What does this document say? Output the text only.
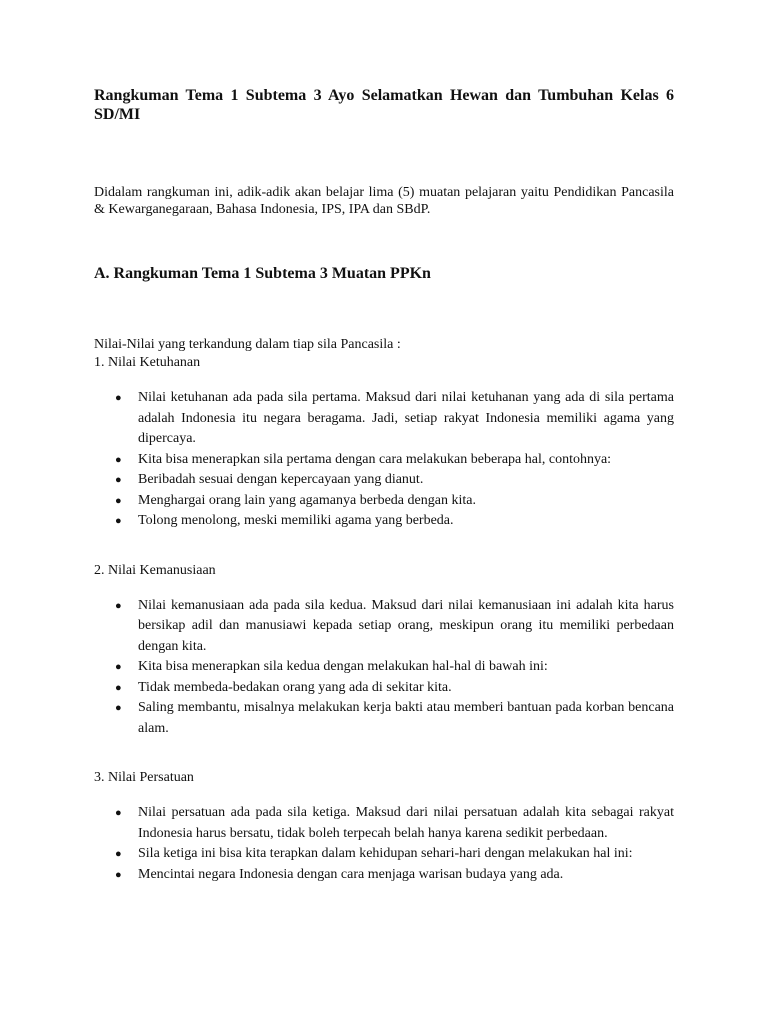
Rangkuman Tema 1 Subtema 3 Ayo Selamatkan Hewan dan Tumbuhan Kelas 6 SD/MI

Didalam rangkuman ini, adik-adik akan belajar lima (5) muatan pelajaran yaitu Pendidikan Pancasila & Kewarganegaraan, Bahasa Indonesia, IPS, IPA dan SBdP.

A. Rangkuman Tema 1 Subtema 3 Muatan PPKn

Nilai-Nilai yang terkandung dalam tiap sila Pancasila :

1. Nilai Ketuhanan

● Nilai ketuhanan ada pada sila pertama. Maksud dari nilai ketuhanan yang ada di sila pertama adalah Indonesia itu negara beragama. Jadi, setiap rakyat Indonesia memiliki agama yang dipercaya.
● Kita bisa menerapkan sila pertama dengan cara melakukan beberapa hal, contohnya:
● Beribadah sesuai dengan kepercayaan yang dianut.
● Menghargai orang lain yang agamanya berbeda dengan kita.
● Tolong menolong, meski memiliki agama yang berbeda.

2. Nilai Kemanusiaan

● Nilai kemanusiaan ada pada sila kedua. Maksud dari nilai kemanusiaan ini adalah kita harus bersikap adil dan manusiawi kepada setiap orang, meskipun orang itu memiliki perbedaan dengan kita.
● Kita bisa menerapkan sila kedua dengan melakukan hal-hal di bawah ini:
● Tidak membeda-bedakan orang yang ada di sekitar kita.
● Saling membantu, misalnya melakukan kerja bakti atau memberi bantuan pada korban bencana alam.

3. Nilai Persatuan

● Nilai persatuan ada pada sila ketiga. Maksud dari nilai persatuan adalah kita sebagai rakyat Indonesia harus bersatu, tidak boleh terpecah belah hanya karena sedikit perbedaan.
● Sila ketiga ini bisa kita terapkan dalam kehidupan sehari-hari dengan melakukan hal ini:
● Mencintai negara Indonesia dengan cara menjaga warisan budaya yang ada.
